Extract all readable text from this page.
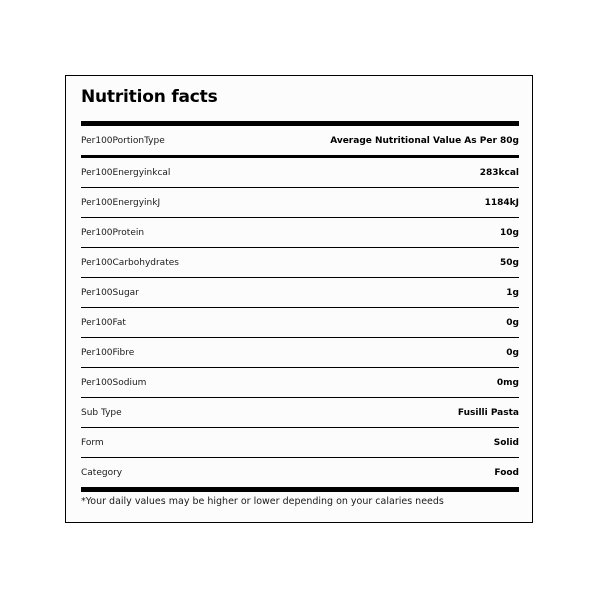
Nutrition facts
Per100PortionType	Average Nutritional Value As Per 80g
Per100Energyinkcal	283kcal
Per100EnergyinkJ	1184kJ
Per100Protein	10g
Per100Carbohydrates	50g
Per100Sugar	1g
Per100Fat	0g
Per100Fibre	0g
Per100Sodium	0mg
Sub Type	Fusilli Pasta
Form	Solid
Category	Food
*Your daily values may be higher or lower depending on your calaries needs
